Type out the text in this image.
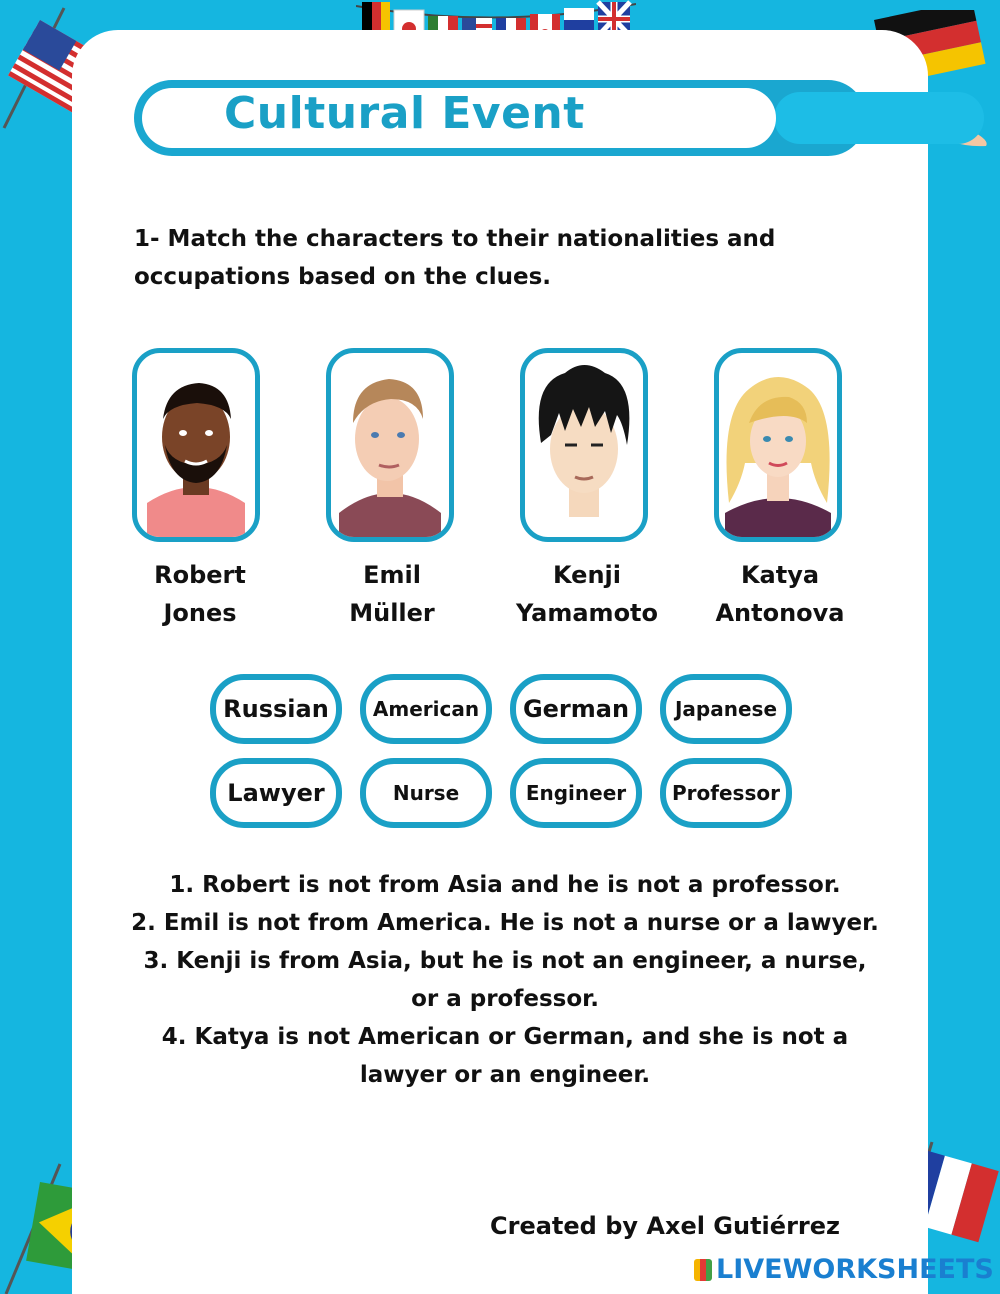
Cultural Event
1- Match the characters to their nationalities and occupations based on the clues.
Robert
Jones
Emil
Müller
Kenji
Yamamoto
Katya
Antonova
Russian	American	German	Japanese
Lawyer	Nurse	Engineer	Professor

1. Robert is not from Asia and he is not a professor.

2. Emil is not from America. He is not a nurse or a lawyer.

3. Kenji is from Asia, but he is not an engineer, a nurse, or a professor.

4. Katya is not American or German, and she is not a lawyer or an engineer.

Created by Axel Gutiérrez
LIVEWORKSHEETS
